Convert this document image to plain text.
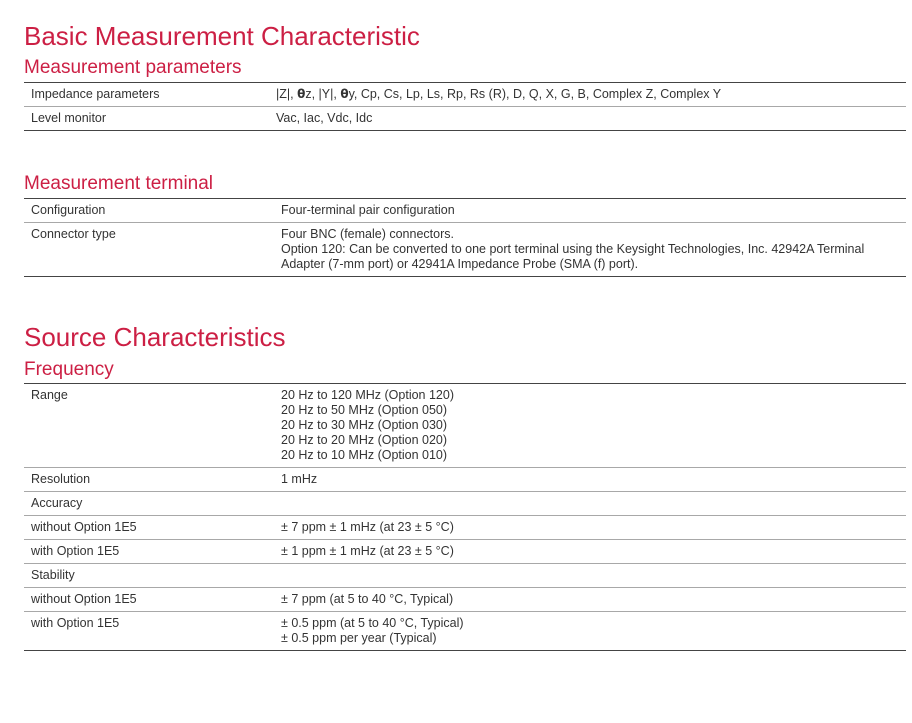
Basic Measurement Characteristic
Measurement parameters
Impedance parameters	|Z|, θz, |Y|, θy, Cp, Cs, Lp, Ls, Rp, Rs (R), D, Q, X, G, B, Complex Z, Complex Y
Level monitor	Vac, Iac, Vdc, Idc
Measurement terminal
Configuration	Four-terminal pair configuration
Connector type	Four BNC (female) connectors.
Option 120: Can be converted to one port terminal using the Keysight Technologies, Inc. 42942A Terminal
Adapter (7-mm port) or 42941A Impedance Probe (SMA (f) port).
Source Characteristics
Frequency
Range	20 Hz to 120 MHz (Option 120)
20 Hz to 50 MHz (Option 050)
20 Hz to 30 MHz (Option 030)
20 Hz to 20 MHz (Option 020)
20 Hz to 10 MHz (Option 010)

Resolution	1 mHz
Accuracy	
without Option 1E5	± 7 ppm ± 1 mHz (at 23 ± 5 °C)
with Option 1E5	± 1 ppm ± 1 mHz (at 23 ± 5 °C)
Stability	
without Option 1E5	± 7 ppm (at 5 to 40 °C, Typical)
with Option 1E5	± 0.5 ppm (at 5 to 40 °C, Typical)
± 0.5 ppm per year (Typical)
